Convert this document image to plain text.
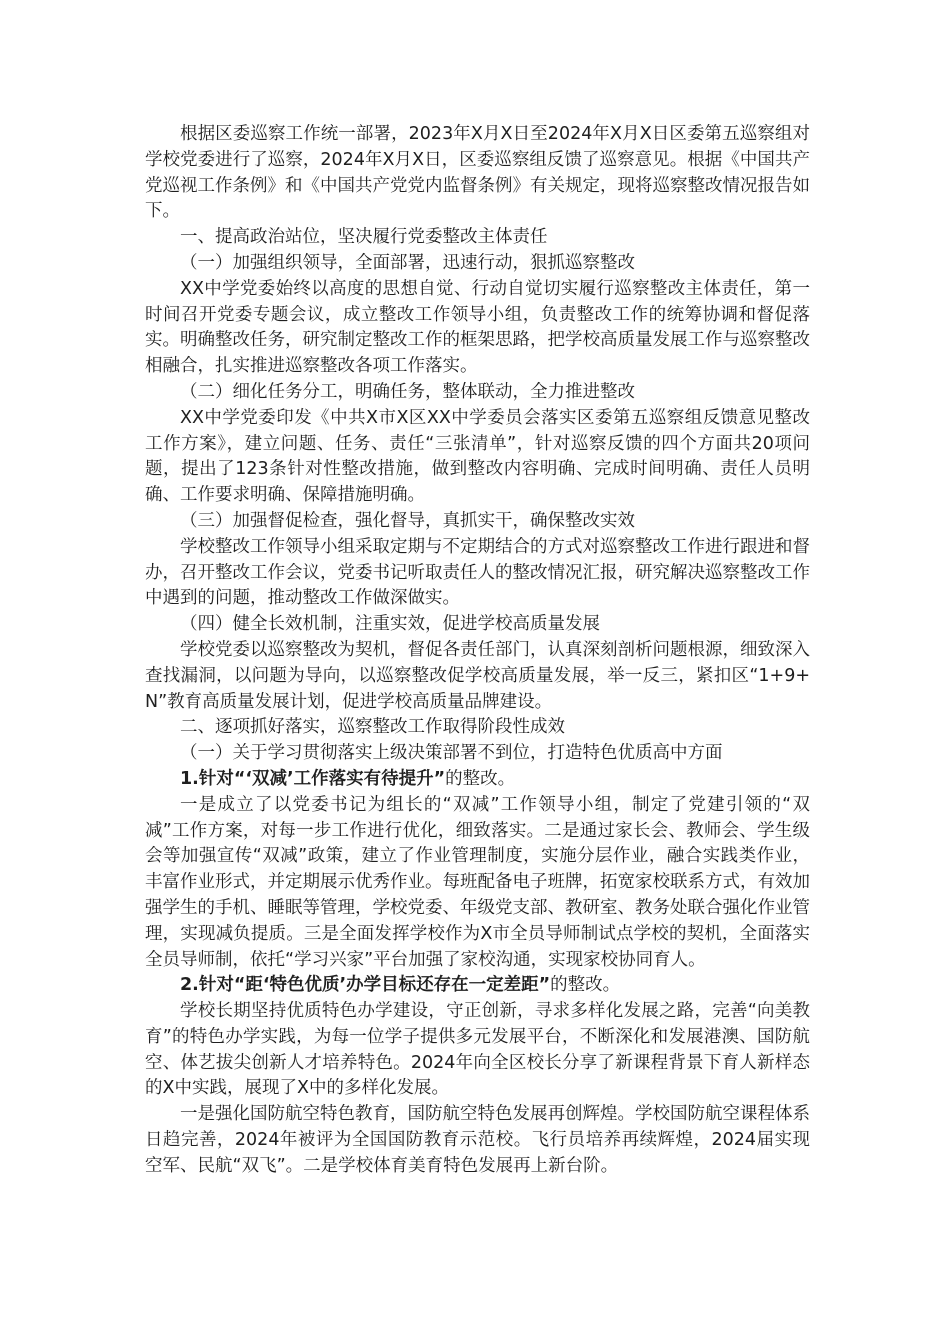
根据区委巡察工作统一部署，2023年X月X日至2024年X月X日区委第五巡察组对学校党委进行了巡察，2024年X月X日，区委巡察组反馈了巡察意见。根据《中国共产党巡视工作条例》和《中国共产党党内监督条例》有关规定，现将巡察整改情况报告如下。

一、提高政治站位，坚决履行党委整改主体责任

（一）加强组织领导，全面部署，迅速行动，狠抓巡察整改

XX中学党委始终以高度的思想自觉、行动自觉切实履行巡察整改主体责任，第一时间召开党委专题会议，成立整改工作领导小组，负责整改工作的统筹协调和督促落实。明确整改任务，研究制定整改工作的框架思路，把学校高质量发展工作与巡察整改相融合，扎实推进巡察整改各项工作落实。

（二）细化任务分工，明确任务，整体联动，全力推进整改

XX中学党委印发《中共X市X区XX中学委员会落实区委第五巡察组反馈意见整改工作方案》，建立问题、任务、责任“三张清单”，针对巡察反馈的四个方面共20项问题，提出了123条针对性整改措施，做到整改内容明确、完成时间明确、责任人员明确、工作要求明确、保障措施明确。

（三）加强督促检查，强化督导，真抓实干，确保整改实效

学校整改工作领导小组采取定期与不定期结合的方式对巡察整改工作进行跟进和督办，召开整改工作会议，党委书记听取责任人的整改情况汇报，研究解决巡察整改工作中遇到的问题，推动整改工作做深做实。

（四）健全长效机制，注重实效，促进学校高质量发展

学校党委以巡察整改为契机，督促各责任部门，认真深刻剖析问题根源，细致深入查找漏洞，以问题为导向，以巡察整改促学校高质量发展，举一反三，紧扣区“1+9+N”教育高质量发展计划，促进学校高质量品牌建设。

二、逐项抓好落实，巡察整改工作取得阶段性成效

（一）关于学习贯彻落实上级决策部署不到位，打造特色优质高中方面

1.针对“‘双减’工作落实有待提升”的整改。

一是成立了以党委书记为组长的“双减”工作领导小组，制定了党建引领的“双减”工作方案，对每一步工作进行优化，细致落实。二是通过家长会、教师会、学生级会等加强宣传“双减”政策，建立了作业管理制度，实施分层作业，融合实践类作业，丰富作业形式，并定期展示优秀作业。每班配备电子班牌，拓宽家校联系方式，有效加强学生的手机、睡眠等管理，学校党委、年级党支部、教研室、教务处联合强化作业管理，实现减负提质。三是全面发挥学校作为X市全员导师制试点学校的契机，全面落实全员导师制，依托“学习兴家”平台加强了家校沟通，实现家校协同育人。

2.针对“距‘特色优质’办学目标还存在一定差距”的整改。

学校长期坚持优质特色办学建设，守正创新，寻求多样化发展之路，完善“向美教育”的特色办学实践，为每一位学子提供多元发展平台，不断深化和发展港澳、国防航空、体艺拔尖创新人才培养特色。2024年向全区校长分享了新课程背景下育人新样态的X中实践，展现了X中的多样化发展。

一是强化国防航空特色教育，国防航空特色发展再创辉煌。学校国防航空课程体系日趋完善，2024年被评为全国国防教育示范校。飞行员培养再续辉煌，2024届实现空军、民航“双飞”。二是学校体育美育特色发展再上新台阶。
